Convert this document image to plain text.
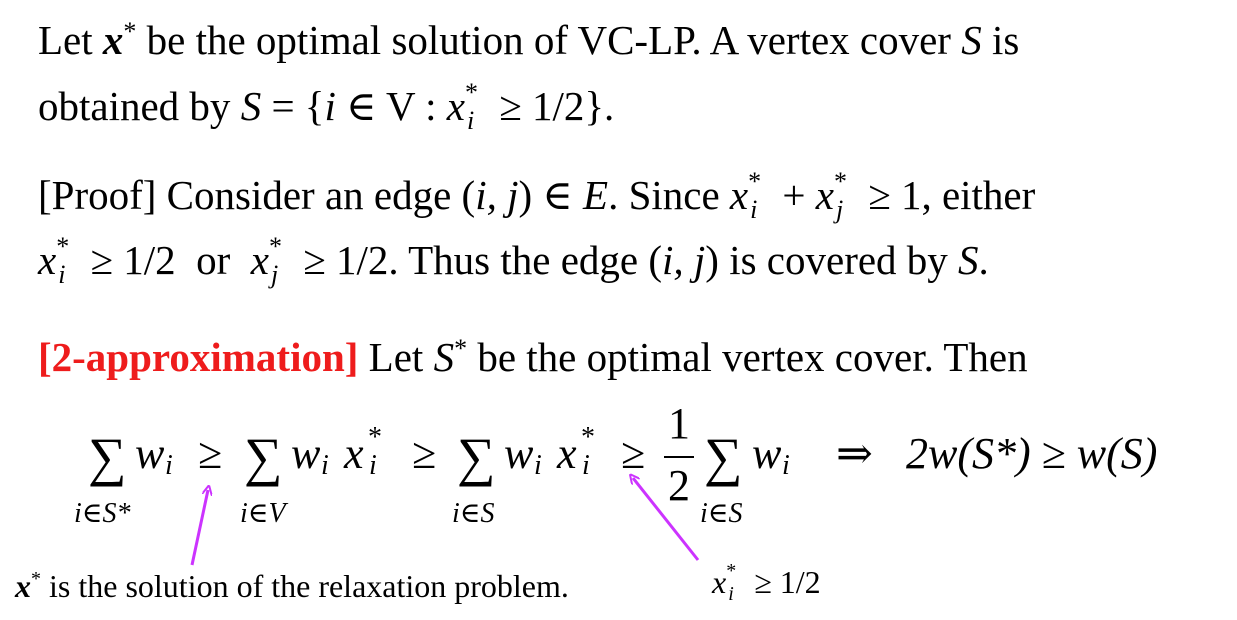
Let x* be the optimal solution of VC-LP. A vertex cover S is
obtained by S = {i ∈ V : x *
i ≥ 1/2}.
[Proof] Consider an edge (i, j) ∈ E. Since x *
i + x *
j ≥ 1, either
x *
i ≥ 1/2  or  x *
j ≥ 1/2. Thus the edge (i, j) is covered by S.
[2-approximation] Let S* be the optimal vertex cover. Then
∑ ∑	∑	∑
w i ≥ w i x *
i ≥ w i x *
i ≥
1
2
w i ⇒ 2w(S*) ≥ w(S)
i∈S*	i∈V	i∈S	i∈S
x* is the solution of the relaxation problem.	x *
i ≥ 1/2
